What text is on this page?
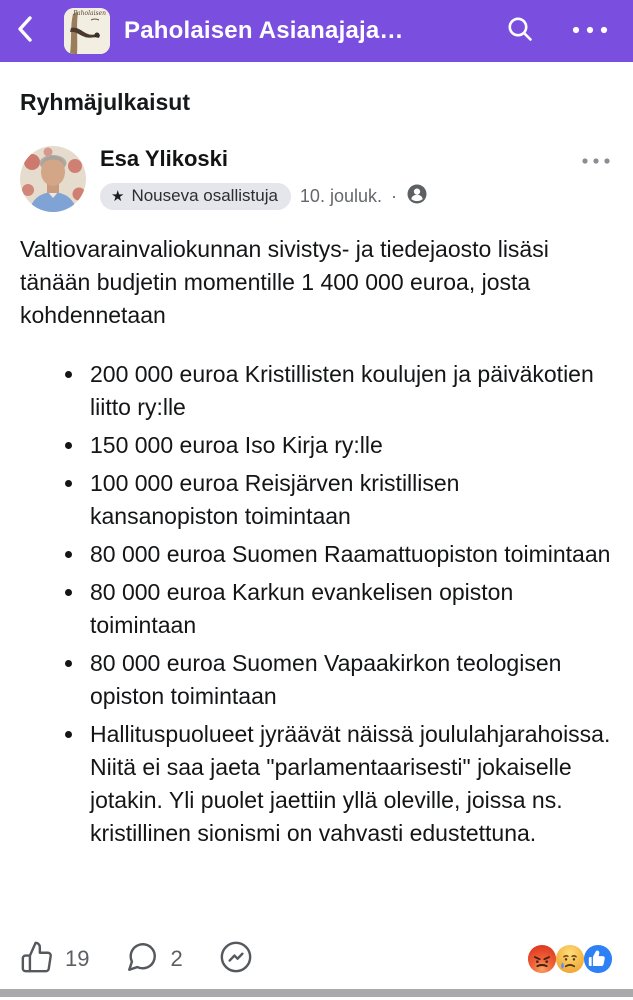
Paholaisen
Paholaisen Asianajaja…
Ryhmäjulkaisut
Esa Ylikoski
★ Nouseva osallistuja 10. jouluk. ·

Valtiovarainvaliokunnan sivistys- ja tiedejaosto lisäsi tänään budjetin momentille 1 400 000 euroa, josta kohdennetaan

• 200 000 euroa Kristillisten koulujen ja päiväkotien liitto ry:lle
• 150 000 euroa Iso Kirja ry:lle
• 100 000 euroa Reisjärven kristillisen kansanopiston toimintaan
• 80 000 euroa Suomen Raamattuopiston toimintaan
• 80 000 euroa Karkun evankelisen opiston toimintaan
• 80 000 euroa Suomen Vapaakirkon teologisen opiston toimintaan
• Hallituspuolueet jyräävät näissä joululahjarahoissa. Niitä ei saa jaeta "parlamentaarisesti" jokaiselle jotakin. Yli puolet jaettiin yllä oleville, joissa ns. kristillinen sionismi on vahvasti edustettuna.
19	2
